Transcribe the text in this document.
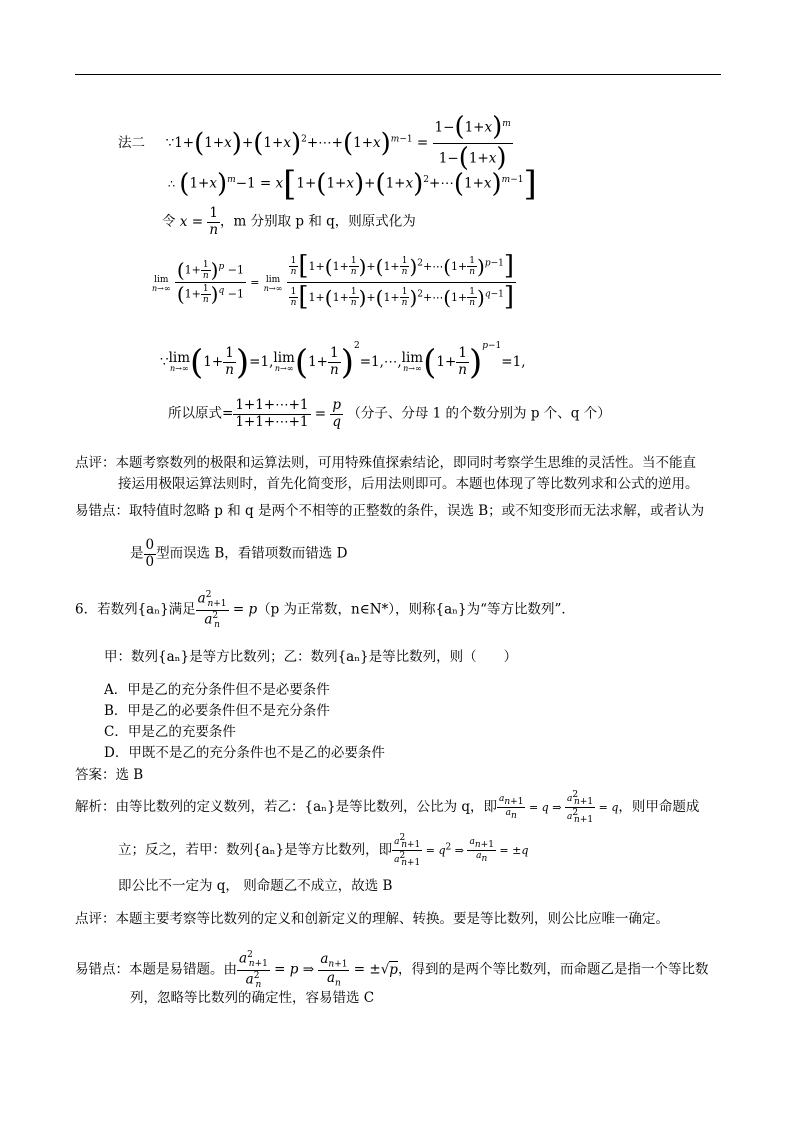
法二 $\because 1+(1+x)+(1+x)^2+\cdots+(1+x)^{m-1} = \frac{1-(1+x)^m}{1-(1+x)}$
∴ $(1+x)^m-1$ = $x[1+(1+x)+(1+x)^2+\cdots(1+x)^{m-1}]$
令 $x = \frac{1}{n}$ ，m 分别取 p 和 q，则原式化为
lim
n→∞
$\frac{(1+ \frac{1}{n} )^p -1}{(1+ \frac{1}{n} )^q -1} = \lim$
n→∞
$\frac{\frac{1}{n} [1+(1+ \frac{1}{n} )+(1+ \frac{1}{n} )^2+\cdots(1+ \frac{1}{n} )^{p-1}]}{\frac{1}{n} [1+(1+ \frac{1}{n} )+(1+ \frac{1}{n} )^2+\cdots(1+ \frac{1}{n} )^{q-1}]}$
∵lim
n→∞ $(1+ \frac{1}{n} )=1,\lim$
n→∞ ($1+ \frac{1}{n}$ )$^2=1,\cdots,\lim$
n→∞ $(1+ \frac{1}{n} )^{p-1}=1$,
所以原式= $\frac{1+1+\cdots+1}{1+1+\cdots+1} = \frac{p}{q}$ （分子、分母 1 的个数分别为 p 个、q 个）
点评：本题考察数列的极限和运算法则，可用特殊值探索结论，即同时考察学生思维的灵活性。当不能直
接运用极限运算法则时，首先化简变形，后用法则即可。本题也体现了等比数列求和公式的逆用。
易错点：取特值时忽略 p 和 q 是两个不相等的正整数的条件，误选 B；或不知变形而无法求解，或者认为
是 $\frac{0}{0}$ 型而误选 B，看错项数而错选 D
6．若数列{aₙ}满足 $\frac{a^2_{n+1}}{a^2_n} = p(p$ 为正常数，n∈N*），则称{aₙ}为“等方比数列”．
甲：数列{aₙ}是等方比数列；乙：数列{aₙ}是等比数列，则（　　）
A．甲是乙的充分条件但不是必要条件
B．甲是乙的必要条件但不是充分条件
C．甲是乙的充要条件
D．甲既不是乙的充分条件也不是乙的必要条件
答案：选 B
解析：由等比数列的定义数列，若乙：{aₙ}是等比数列，公比为 q，即 $\frac{a_{n+1}}{a_n} = q$ ⇒ $\frac{a^2_{n+1}}{a^2_{n+1}} = q$，则甲命题成
立；反之，若甲：数列{aₙ}是等方比数列，即 $\frac{a^2_{n+1}}{a^2_{n+1}} = q^2$ ⇒ $\frac{a_{n+1}}{a_n} = \pm q$
即公比不一定为 q， 则命题乙不成立，故选 B
点评：本题主要考察等比数列的定义和创新定义的理解、转换。要是等比数列，则公比应唯一确定。
易错点：本题是易错题。由 $\frac{a^2_{n+1}}{a^2_n} = p$ ⇒ $\frac{a_{n+1}}{a_n} = \pm√p$，得到的是两个等比数列，而命题乙是指一个等比数
列，忽略等比数列的确定性，容易错选 C
